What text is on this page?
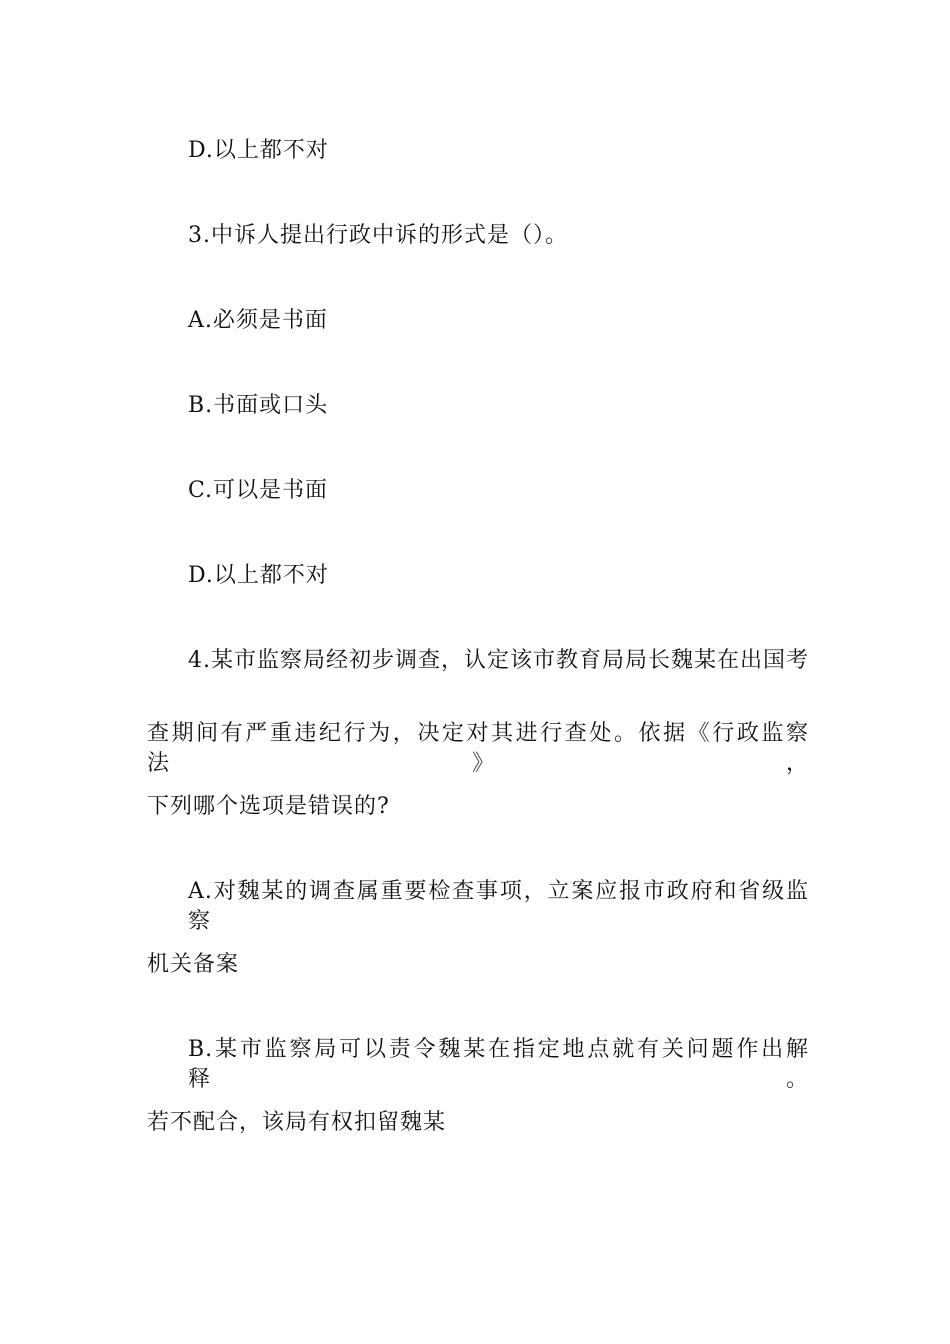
D.以上都不对
3.中诉人提出行政中诉的形式是（）。
A.必须是书面
B.书面或口头
C.可以是书面
D.以上都不对
4.某市监察局经初步调查，认定该市教育局局长魏某在出国考
查期间有严重违纪行为，决定对其进行查处。依据《行政监察法》，
下列哪个选项是错误的?
A.对魏某的调查属重要检查事项，立案应报市政府和省级监察
机关备案
B.某市监察局可以责令魏某在指定地点就有关问题作出解释。
若不配合，该局有权扣留魏某
